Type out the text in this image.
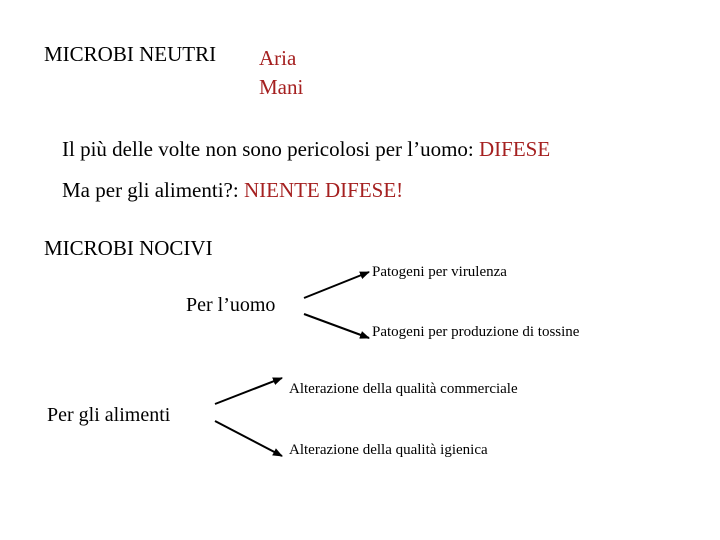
MICROBI NEUTRI Aria
Mani
Il più delle volte non sono pericolosi per l’uomo: DIFESE
Ma per gli alimenti?: NIENTE DIFESE!
MICROBI NOCIVI
Patogeni per virulenza
Per l’uomo
Patogeni per produzione di tossine
Alterazione della qualità commerciale
Per gli alimenti
Alterazione della qualità igienica
